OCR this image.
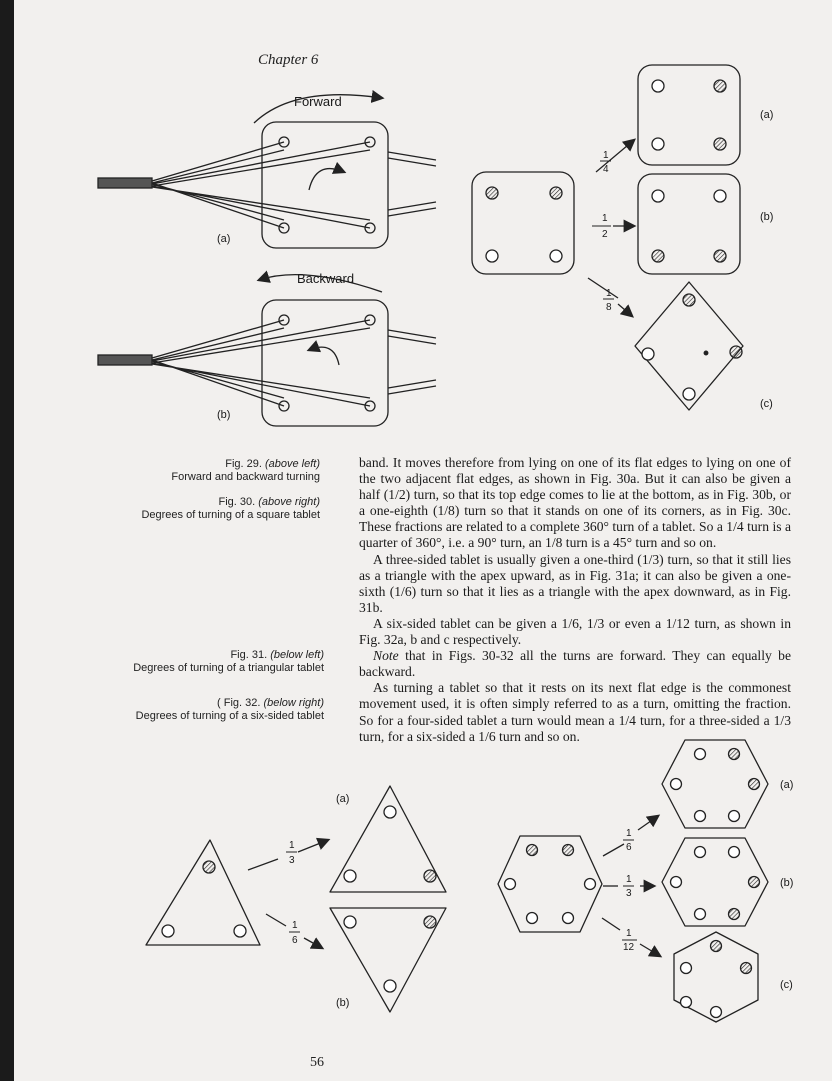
Chapter 6
Forward
Backward
(a)
(b)
1
4
1
2
1
8
(a)
(b)
(c)
Fig. 29. (above left)
Forward and backward turning
Fig. 30. (above right)
Degrees of turning of a square tablet
Fig. 31. (below left)
Degrees of turning of a triangular tablet
( Fig. 32. (below right)
Degrees of turning of a six-sided tablet

band. It moves therefore from lying on one of its flat edges to lying on one of the two adjacent flat edges, as shown in Fig. 30a. But it can also be given a half (1/2) turn, so that its top edge comes to lie at the bottom, as in Fig. 30b, or a one-eighth (1/8) turn so that it stands on one of its corners, as in Fig. 30c. These fractions are related to a complete 360° turn of a tablet. So a 1/4 turn is a quarter of 360°, i.e. a 90° turn, an 1/8 turn is a 45° turn and so on.

A three-sided tablet is usually given a one-third (1/3) turn, so that it still lies as a triangle with the apex upward, as in Fig. 31a; it can also be given a one-sixth (1/6) turn so that it lies as a triangle with the apex downward, as in Fig. 31b.

A six-sided tablet can be given a 1/6, 1/3 or even a 1/12 turn, as shown in Fig. 32a, b and c respectively.

Note that in Figs. 30-32 all the turns are forward. They can equally be backward.

As turning a tablet so that it rests on its next flat edge is the commonest movement used, it is often simply referred to as a turn, omitting the fraction. So for a four-sided tablet a turn would mean a 1/4 turn, for a three-sided a 1/3 turn, for a six-sided a 1/6 turn and so on.

1
3
1
6
(a)
(b)
1
6
1
3
1
12
(a)
(b)
(c)
56
